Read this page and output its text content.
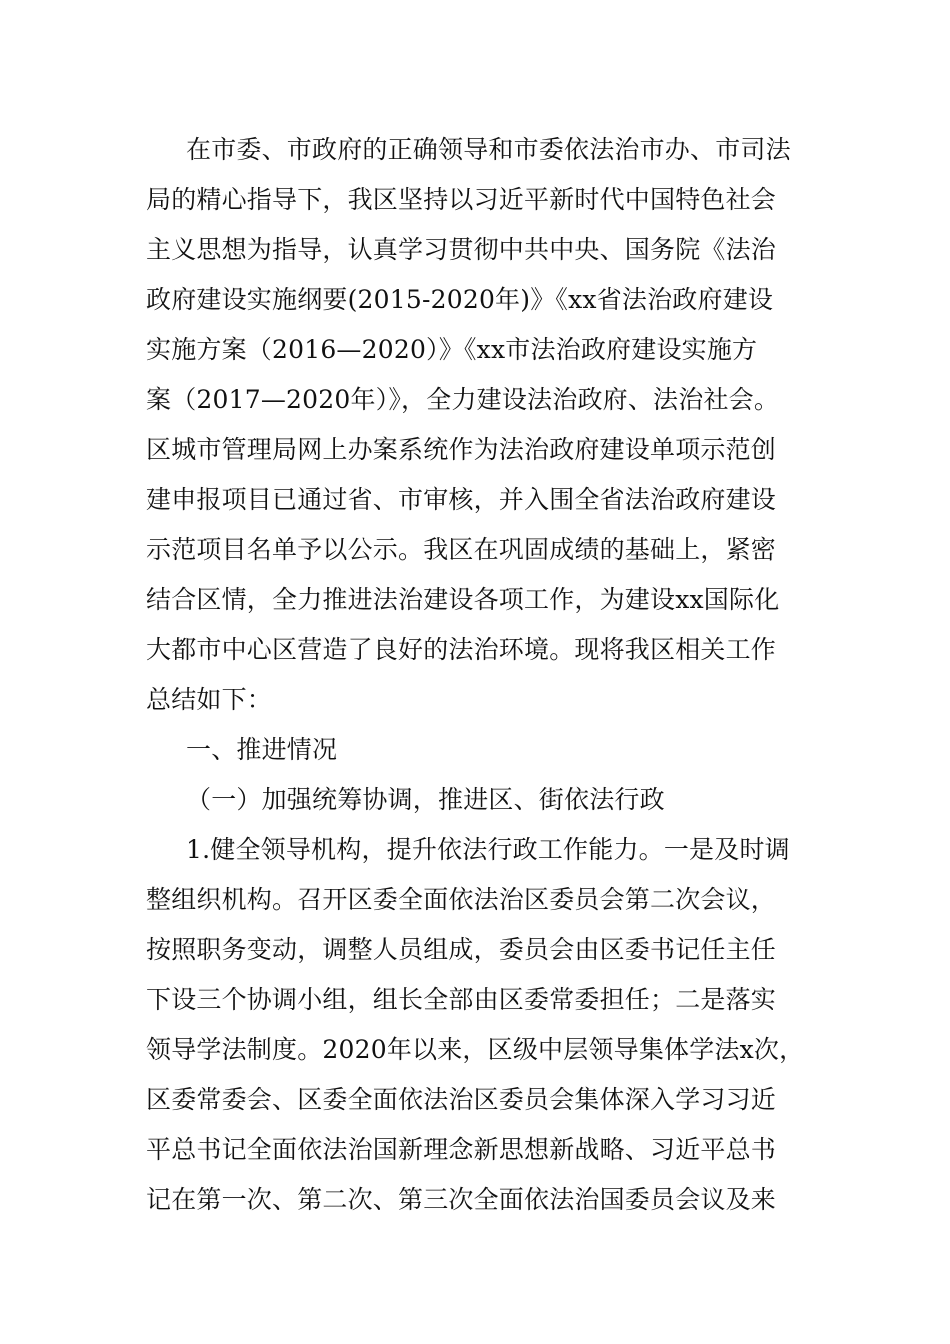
在市委、市政府的正确领导和市委依法治市办、市司法
局的精心指导下，我区坚持以习近平新时代中国特色社会
主义思想为指导，认真学习贯彻中共中央、国务院《法治
政府建设实施纲要(2015-2020年)》《xx省法治政府建设
实施方案（2016—2020）》《xx市法治政府建设实施方
案（2017—2020年）》，全力建设法治政府、法治社会。
区城市管理局网上办案系统作为法治政府建设单项示范创
建申报项目已通过省、市审核，并入围全省法治政府建设
示范项目名单予以公示。我区在巩固成绩的基础上，紧密
结合区情，全力推进法治建设各项工作，为建设xx国际化
大都市中心区营造了良好的法治环境。现将我区相关工作
总结如下：
一、推进情况
（一）加强统筹协调，推进区、街依法行政
1.健全领导机构，提升依法行政工作能力。一是及时调
整组织机构。召开区委全面依法治区委员会第二次会议，
按照职务变动，调整人员组成，委员会由区委书记任主任
下设三个协调小组，组长全部由区委常委担任；二是落实
领导学法制度。2020年以来，区级中层领导集体学法x次，
区委常委会、区委全面依法治区委员会集体深入学习习近
平总书记全面依法治国新理念新思想新战略、习近平总书
记在第一次、第二次、第三次全面依法治国委员会议及来
